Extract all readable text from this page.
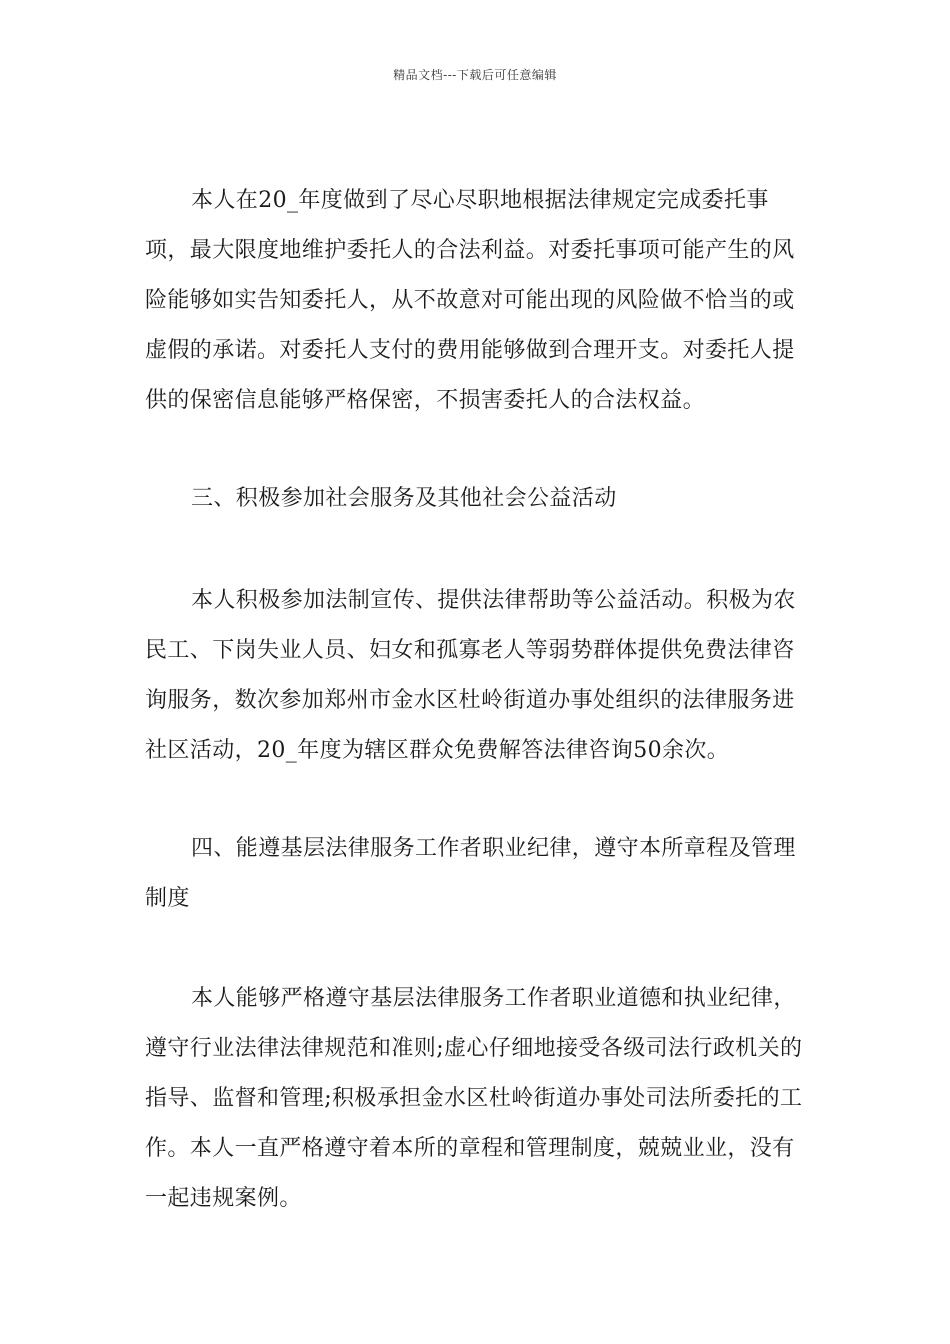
精品文档---下载后可任意编辑

本人在20_年度做到了尽心尽职地根据法律规定完成委托事项，最大限度地维护委托人的合法利益。对委托事项可能产生的风险能够如实告知委托人，从不故意对可能出现的风险做不恰当的或虚假的承诺。对委托人支付的费用能够做到合理开支。对委托人提供的保密信息能够严格保密，不损害委托人的合法权益。

三、积极参加社会服务及其他社会公益活动

本人积极参加法制宣传、提供法律帮助等公益活动。积极为农民工、下岗失业人员、妇女和孤寡老人等弱势群体提供免费法律咨询服务，数次参加郑州市金水区杜岭街道办事处组织的法律服务进社区活动，20_年度为辖区群众免费解答法律咨询50余次。

四、能遵基层法律服务工作者职业纪律，遵守本所章程及管理制度

本人能够严格遵守基层法律服务工作者职业道德和执业纪律，遵守行业法律法律规范和准则;虚心仔细地接受各级司法行政机关的指导、监督和管理;积极承担金水区杜岭街道办事处司法所委托的工作。本人一直严格遵守着本所的章程和管理制度，兢兢业业，没有一起违规案例。
